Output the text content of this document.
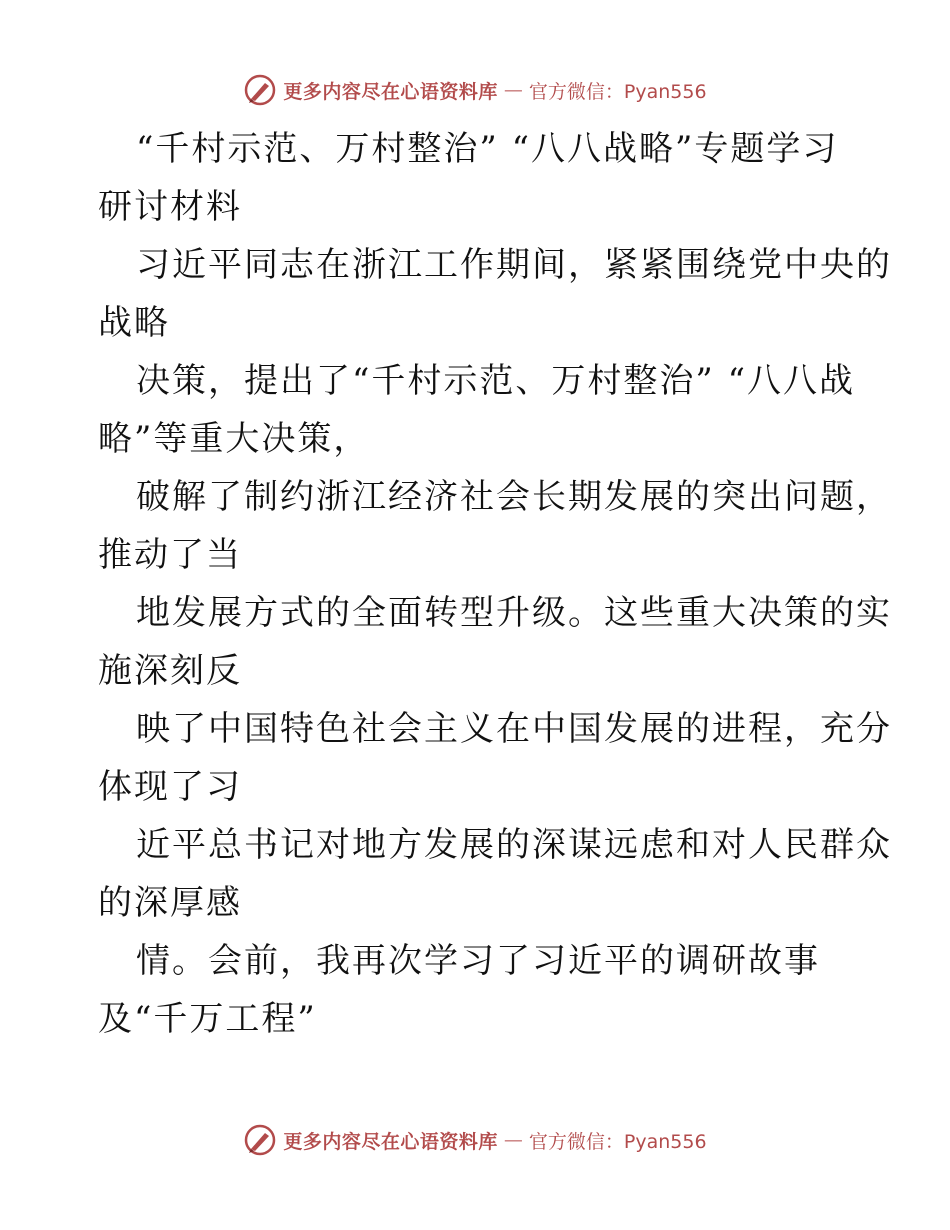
更多内容尽在心语资料库 — 官方微信：Pyan556
“千村示范、万村整治” “八八战略”专题学习
研讨材料
习近平同志在浙江工作期间，紧紧围绕党中央的
战略
决策，提出了“千村示范、万村整治” “八八战
略”等重大决策，
破解了制约浙江经济社会长期发展的突出问题，
推动了当
地发展方式的全面转型升级。这些重大决策的实
施深刻反
映了中国特色社会主义在中国发展的进程，充分
体现了习
近平总书记对地方发展的深谋远虑和对人民群众
的深厚感
情。会前，我再次学习了习近平的调研故事
及“千万工程”
更多内容尽在心语资料库 — 官方微信：Pyan556
